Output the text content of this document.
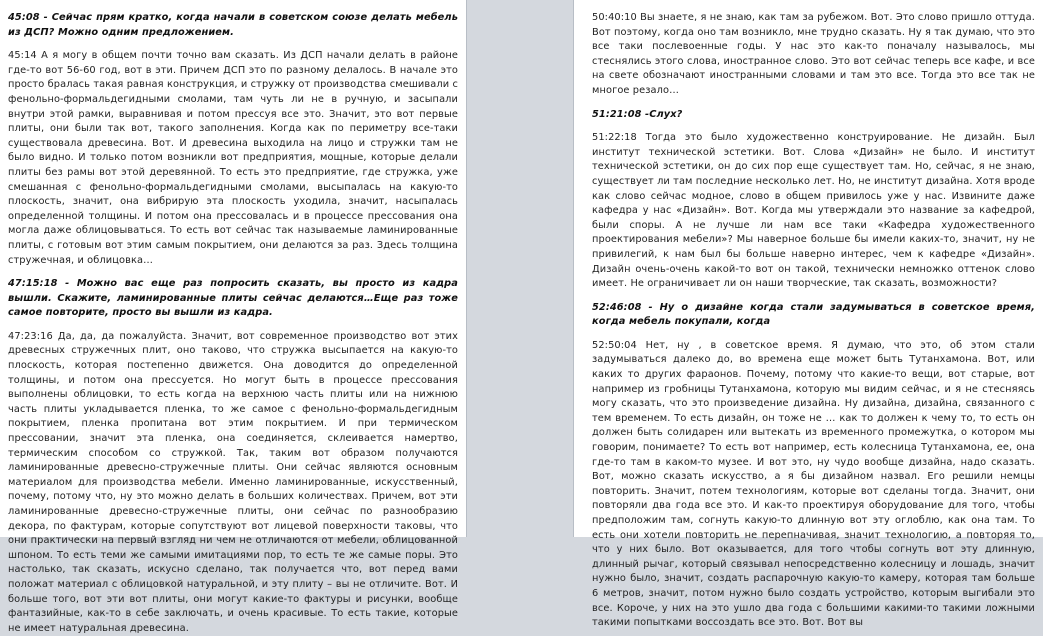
45:08 - Сейчас прям кратко, когда начали в советском союзе делать мебель из ДСП? Можно одним предложением.

45:14 А я могу в общем почти точно вам сказать. Из ДСП начали делать в районе где-то вот 56-60 год, вот в эти. Причем ДСП это по разному делалось. В начале это просто бралась такая равная конструкция, и стружку от производства смешивали с фенольно-формальдегидными смолами, там чуть ли не в ручную, и засыпали внутри этой рамки, выравнивая и потом прессуя все это. Значит, это вот первые плиты, они были так вот, такого заполнения. Когда как по периметру все-таки существовала древесина. Вот. И древесина выходила на лицо и стружки там не было видно. И только потом возникли вот предприятия, мощные, которые делали плиты без рамы вот этой деревянной. То есть это предприятие, где стружка, уже смешанная с фенольно-формальдегидными смолами, высыпалась на какую-то плоскость, значит, она вибрирую эта плоскость уходила, значит, насыпалась определенной толщины. И потом она прессовалась и в процессе прессования она могла даже облицовываться. То есть вот сейчас так называемые ламинированные плиты, с готовым вот этим самым покрытием, они делаются за раз. Здесь толщина стружечная, и облицовка…

47:15:18 - Можно вас еще раз попросить сказать, вы просто из кадра вышли. Скажите, ламинированные плиты сейчас делаются…Еще раз тоже самое повторите, просто вы вышли из кадра.

47:23:16 Да, да, да пожалуйста. Значит, вот современное производство вот этих древесных стружечных плит, оно таково, что стружка высыпается на какую-то плоскость, которая постепенно движется. Она доводится до определенной толщины, и потом она прессуется. Но могут быть в процессе прессования выполнены облицовки, то есть когда на верхнюю часть плиты или на нижнюю часть плиты укладывается пленка, то же самое с фенольно-формальдегидным покрытием, пленка пропитана вот этим покрытием. И при термическом прессовании, значит эта пленка, она соединяется, склеивается намертво, термическим способом со стружкой. Так, таким вот образом получаются ламинированные древесно-стружечные плиты. Они сейчас являются основным материалом для производства мебели. Именно ламинированные, искусственный, почему, потому что, ну это можно делать в больших количествах. Причем, вот эти ламинированные древесно-стружечные плиты, они сейчас по разнообразию декора, по фактурам, которые сопутствуют вот лицевой поверхности таковы, что они практически на первый взгляд ни чем не отличаются от мебели, облицованной шпоном. То есть теми же самыми имитациями пор, то есть те же самые поры. Это настолько, так сказать, искусно сделано, так получается что, вот перед вами положат материал с облицовкой натуральной, и эту плиту – вы не отличите. Вот. И больше того, вот эти вот плиты, они могут какие-то фактуры и рисунки, вообще фантазийные, как-то в себе заключать, и очень красивые. То есть такие, которые не имеет натуральная древесина.

50:40:10 Вы знаете, я не знаю, как там за рубежом. Вот. Это слово пришло оттуда. Вот поэтому, когда оно там возникло, мне трудно сказать. Ну я так думаю, что это все таки послевоенные годы. У нас это как-то поначалу называлось, мы стеснялись этого слова, иностранное слово. Это вот сейчас теперь все кафе, и все на свете обозначают иностранными словами и там это все. Тогда это все так не многое резало…

51:21:08 -Слух?

51:22:18 Тогда это было художественно конструирование. Не дизайн. Был институт технической эстетики. Вот. Слова «Дизайн» не было. И институт технической эстетики, он до сих пор еще существует там. Но, сейчас, я не знаю, существует ли там последние несколько лет. Но, не институт дизайна. Хотя вроде как слово сейчас модное, слово в общем привилось уже у нас. Извините даже кафедра у нас «Дизайн». Вот. Когда мы утверждали это название за кафедрой, были споры. А не лучше ли нам все таки «Кафедра художественного проектирования мебели»? Мы наверное больше бы имели каких-то, значит, ну не привилегий, к нам был бы больше наверно интерес, чем к кафедре «Дизайн». Дизайн очень-очень какой-то вот он такой, технически немножко оттенок слово имеет. Не ограничивает ли он наши творческие, так сказать, возможности?

52:46:08 - Ну о дизайне когда стали задумываться в советское время, когда мебель покупали, когда

52:50:04 Нет, ну , в советское время. Я думаю, что это, об этом стали задумываться далеко до, во времена еще может быть Тутанхамона. Вот, или каких то других фараонов. Почему, потому что какие-то вещи, вот старые, вот например из гробницы Тутанхамона, которую мы видим сейчас, и я не стесняясь могу сказать, что это произведение дизайна. Ну дизайна, дизайна, связанного с тем временем. То есть дизайн, он тоже не … как то должен к чему то, то есть он должен быть солидарен или вытекать из временного промежутка, о котором мы говорим, понимаете? То есть вот например, есть колесница Тутанхамона, ее, она где-то там в каком-то музее. И вот это, ну чудо вообще дизайна, надо сказать. Вот, можно сказать искусство, а я бы дизайном назвал. Его решили немцы повторить. Значит, потем технологиям, которые вот сделаны тогда. Значит, они повторяли два года все это. И как-то проектируя оборудование для того, чтобы предположим там, согнуть какую-то длинную вот эту оглоблю, как она там. То есть они хотели повторить не перепначивая, значит технологию, а повторяя то, что у них было. Вот оказывается, для того чтобы согнуть вот эту длинную, длинный рычаг, который связывал непосредственно колесницу и лошадь, значит нужно было, значит, создать распарочную какую-то камеру, которая там больше 6 метров, значит, потом нужно было создать устройство, которым выгибали это все. Короче, у них на это ушло два года с большими какими-то такими ложными такими попытками воссоздать все это. Вот. Вот вы
